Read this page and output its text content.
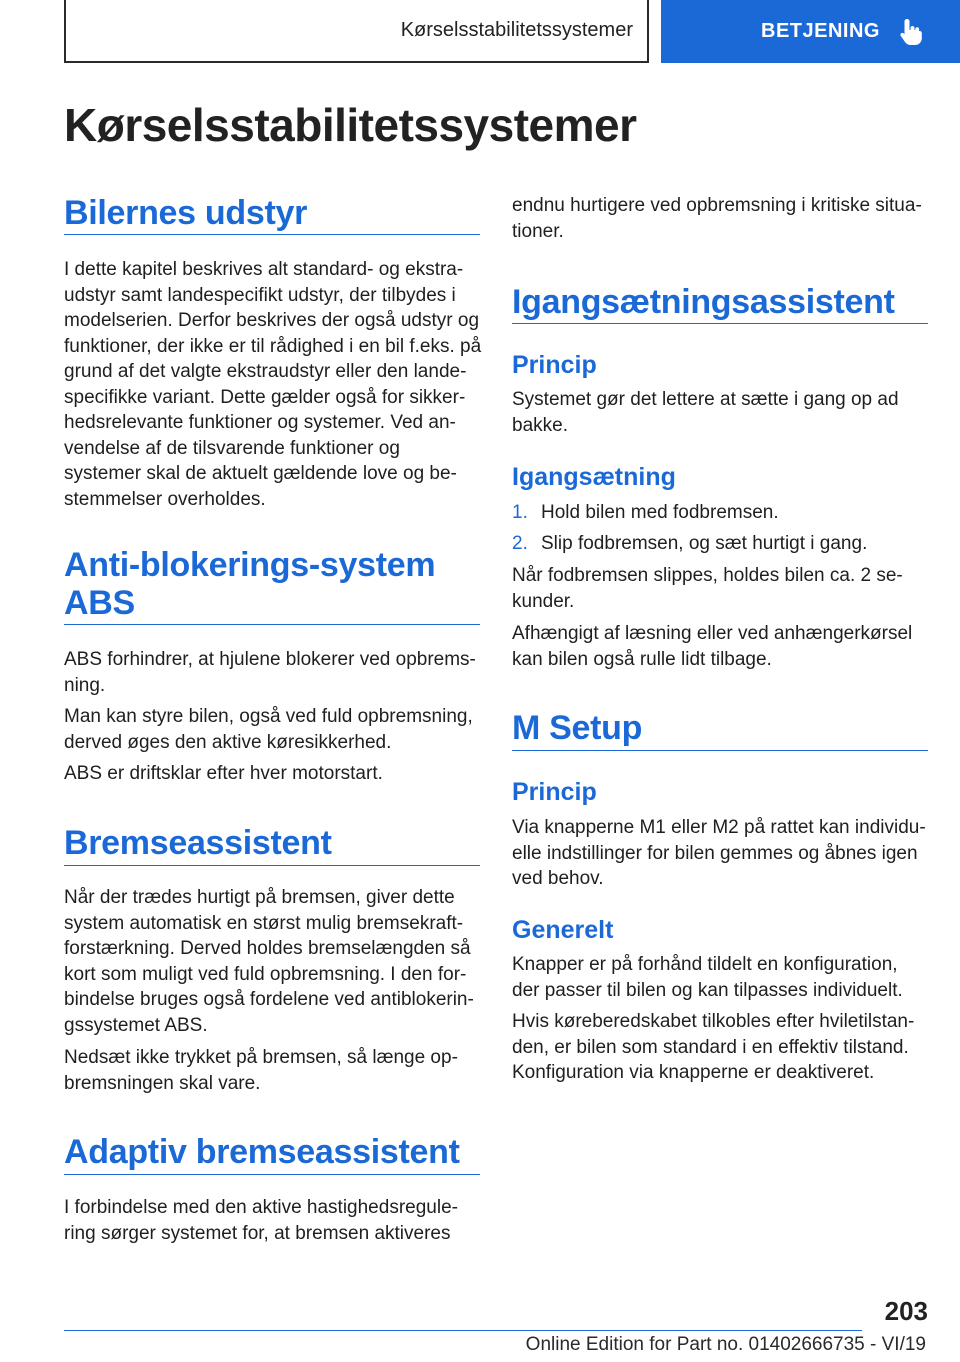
Kørselsstabilitetssystemer	BETJENING
Kørselsstabilitetssystemer
Bilernes udstyr

I dette kapitel beskrives alt standard- og ekstra-
udstyr samt landespecifikt udstyr, der tilbydes i
modelserien. Derfor beskrives der også udstyr og
funktioner, der ikke er til rådighed i en bil f.eks. på
grund af det valgte ekstraudstyr eller den lande-
specifikke variant. Dette gælder også for sikker-
hedsrelevante funktioner og systemer. Ved an-
vendelse af de tilsvarende funktioner og
systemer skal de aktuelt gældende love og be-
stemmelser overholdes.

Anti-blokerings-system
ABS

ABS forhindrer, at hjulene blokerer ved opbrems-
ning.

Man kan styre bilen, også ved fuld opbremsning,
derved øges den aktive køresikkerhed.

ABS er driftsklar efter hver motorstart.

Bremseassistent

Når der trædes hurtigt på bremsen, giver dette
system automatisk en størst mulig bremsekraft-
forstærkning. Derved holdes bremselængden så
kort som muligt ved fuld opbremsning. I den for-
bindelse bruges også fordelene ved antiblokerin-
gssystemet ABS.

Nedsæt ikke trykket på bremsen, så længe op-
bremsningen skal vare.

Adaptiv bremseassistent

I forbindelse med den aktive hastighedsregule-
ring sørger systemet for, at bremsen aktiveres

endnu hurtigere ved opbremsning i kritiske situa-
tioner.

Igangsætningsassistent
Princip

Systemet gør det lettere at sætte i gang op ad
bakke.

Igangsætning
1. Hold bilen med fodbremsen.
2. Slip fodbremsen, og sæt hurtigt i gang.

Når fodbremsen slippes, holdes bilen ca. 2 se-
kunder.

Afhængigt af læsning eller ved anhængerkørsel
kan bilen også rulle lidt tilbage.

M Setup
Princip

Via knapperne M1 eller M2 på rattet kan individu-
elle indstillinger for bilen gemmes og åbnes igen
ved behov.

Generelt

Knapper er på forhånd tildelt en konfiguration,
der passer til bilen og kan tilpasses individuelt.

Hvis køreberedskabet tilkobles efter hviletilstan-
den, er bilen som standard i en effektiv tilstand.
Konfiguration via knapperne er deaktiveret.

203
Online Edition for Part no. 01402666735 - VI/19
